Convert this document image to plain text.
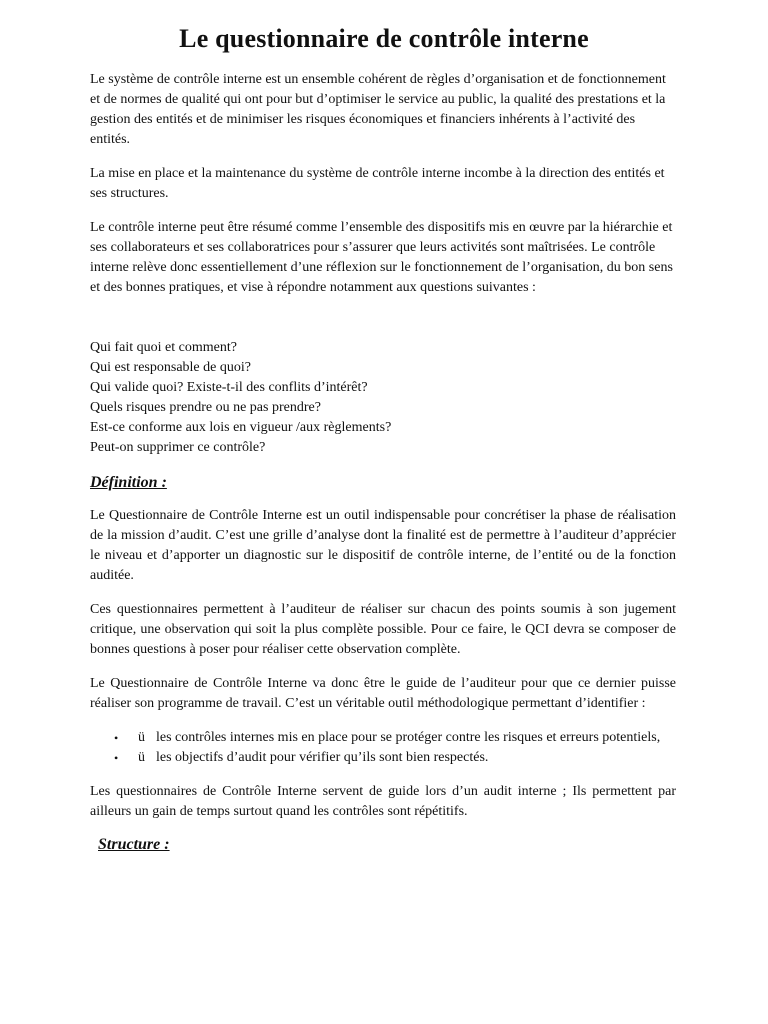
Le questionnaire de contrôle interne

Le système de contrôle interne est un ensemble cohérent de règles d’organisation et de fonctionnement et de normes de qualité qui ont pour but d’optimiser le service au public, la qualité des prestations et la gestion des entités et de minimiser les risques économiques et financiers inhérents à l’activité des entités.

La mise en place et la maintenance du système de contrôle interne incombe à la direction des entités et ses structures.

Le contrôle interne peut être résumé comme l’ensemble des dispositifs mis en œuvre par la hiérarchie et ses collaborateurs et ses collaboratrices pour s’assurer que leurs activités sont maîtrisées. Le contrôle interne relève donc essentiellement d’une réflexion sur le fonctionnement de l’organisation, du bon sens et des bonnes pratiques, et vise à répondre notamment aux questions suivantes :

Qui fait quoi et comment?
Qui est responsable de quoi?
Qui valide quoi? Existe-t-il des conflits d’intérêt?
Quels risques prendre ou ne pas prendre?
Est-ce conforme aux lois en vigueur /aux règlements?
Peut-on supprimer ce contrôle?
Définition :

Le Questionnaire de Contrôle Interne est un outil indispensable pour concrétiser la phase de réalisation de la mission d’audit. C’est une grille d’analyse dont la finalité est de permettre à l’auditeur d’apprécier le niveau et d’apporter un diagnostic sur le dispositif de contrôle interne, de l’entité ou de la fonction auditée.

Ces questionnaires permettent à l’auditeur de réaliser sur chacun des points soumis à son jugement critique, une observation qui soit la plus complète possible. Pour ce faire, le QCI devra se composer de bonnes questions à poser pour réaliser cette observation complète.

Le Questionnaire de Contrôle Interne va donc être le guide de l’auditeur pour que ce dernier puisse réaliser son programme de travail. C’est un véritable outil méthodologique permettant d’identifier :

• ü les contrôles internes mis en place pour se protéger contre les risques et erreurs potentiels,
• ü les objectifs d’audit pour vérifier qu’ils sont bien respectés.

Les questionnaires de Contrôle Interne servent de guide lors d’un audit interne ; Ils permettent par ailleurs un gain de temps surtout quand les contrôles sont répétitifs.

Structure :
